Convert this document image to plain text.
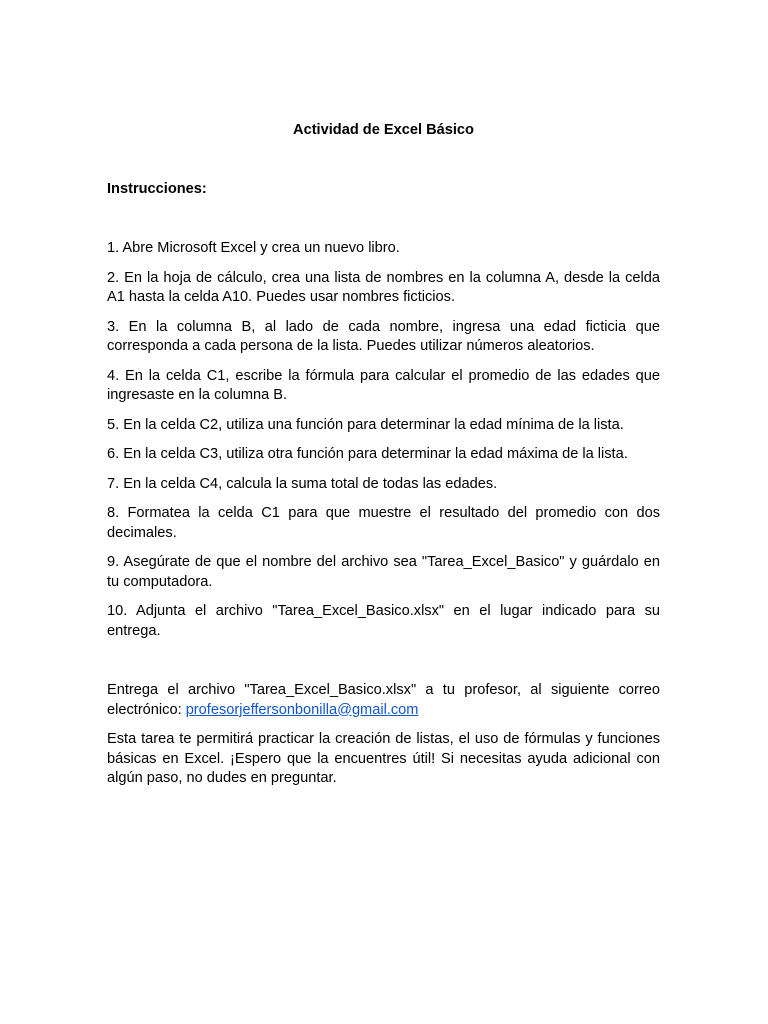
Actividad de Excel Básico

Instrucciones:

1. Abre Microsoft Excel y crea un nuevo libro.
2. En la hoja de cálculo, crea una lista de nombres en la columna A, desde la celda A1 hasta la celda A10. Puedes usar nombres ficticios.
3. En la columna B, al lado de cada nombre, ingresa una edad ficticia que corresponda a cada persona de la lista. Puedes utilizar números aleatorios.
4. En la celda C1, escribe la fórmula para calcular el promedio de las edades que ingresaste en la columna B.
5. En la celda C2, utiliza una función para determinar la edad mínima de la lista.
6. En la celda C3, utiliza otra función para determinar la edad máxima de la lista.
7. En la celda C4, calcula la suma total de todas las edades.
8. Formatea la celda C1 para que muestre el resultado del promedio con dos decimales.
9. Asegúrate de que el nombre del archivo sea "Tarea_Excel_Basico" y guárdalo en tu computadora.
10. Adjunta el archivo "Tarea_Excel_Basico.xlsx" en el lugar indicado para su entrega.

Entrega el archivo "Tarea_Excel_Basico.xlsx" a tu profesor, al siguiente correo electrónico: profesorjeffersonbonilla@gmail.com

Esta tarea te permitirá practicar la creación de listas, el uso de fórmulas y funciones básicas en Excel. ¡Espero que la encuentres útil! Si necesitas ayuda adicional con algún paso, no dudes en preguntar.
